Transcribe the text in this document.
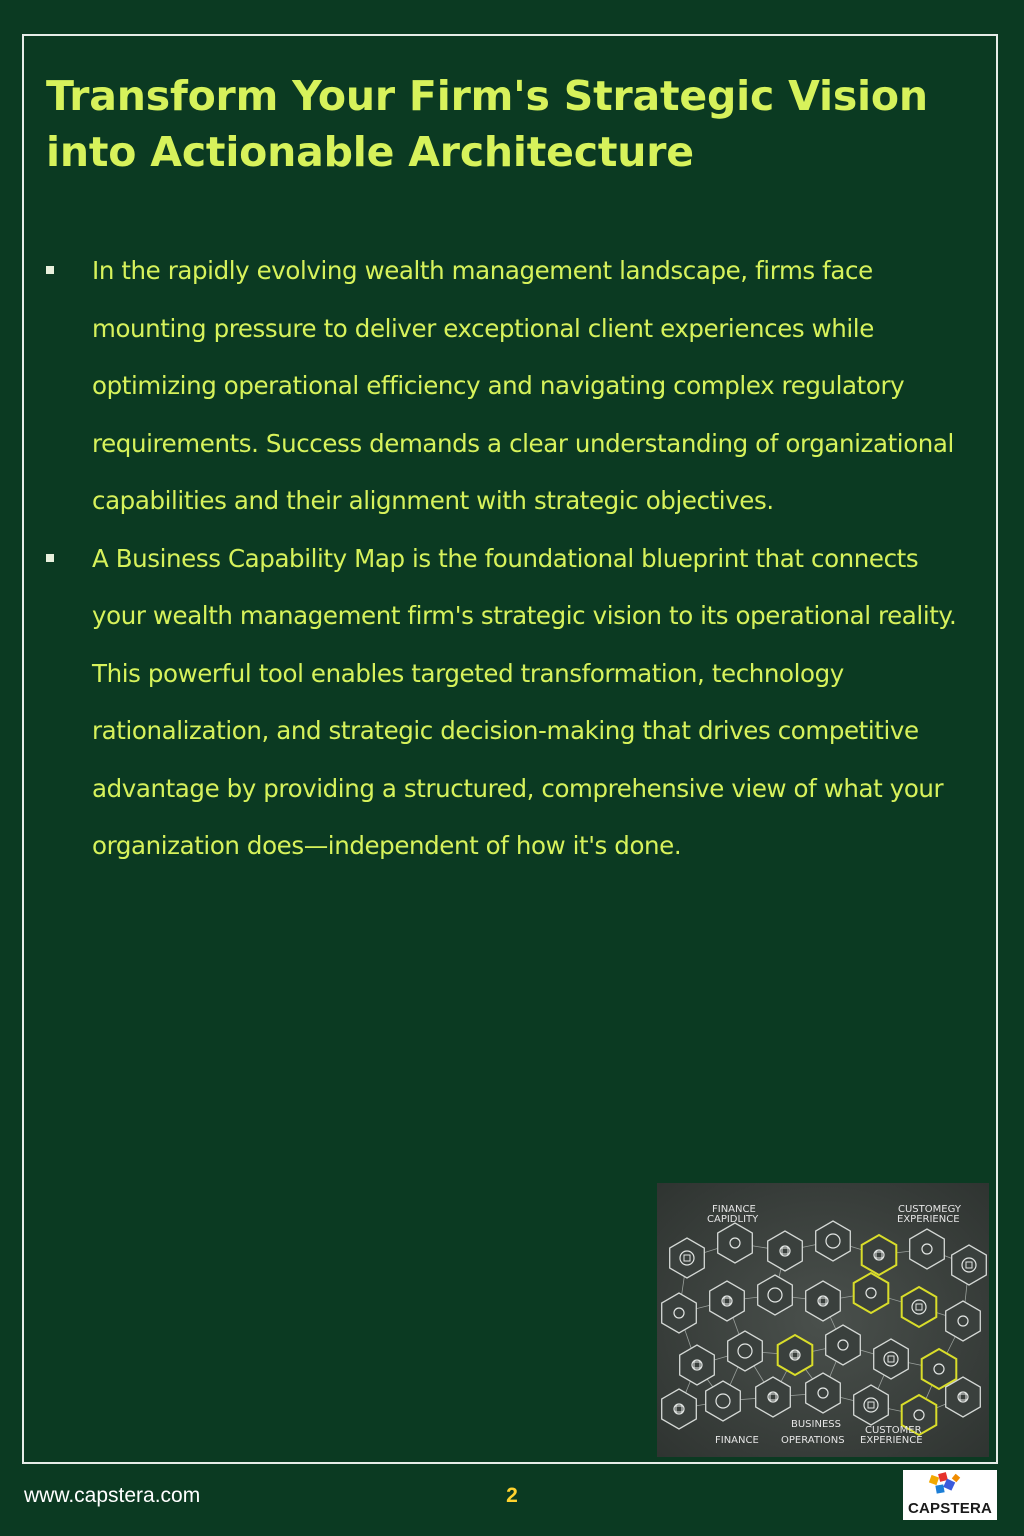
Transform Your Firm's Strategic Vision into Actionable Architecture
In the rapidly evolving wealth management landscape, firms face mounting pressure to deliver exceptional client experiences while optimizing operational efficiency and navigating complex regulatory requirements. Success demands a clear understanding of organizational capabilities and their alignment with strategic objectives.
A Business Capability Map is the foundational blueprint that connects your wealth management firm's strategic vision to its operational reality. This powerful tool enables targeted transformation, technology rationalization, and strategic decision-making that drives competitive advantage by providing a structured, comprehensive view of what your organization does—independent of how it's done.
FINANCE
CAPIDLITY
CUSTOMEGY
EXPERIENCE
FINANCE
BUSINESS
OPERATIONS
CUSTOMER
EXPERIENCE
www.capstera.com	2
CAPSTERA
